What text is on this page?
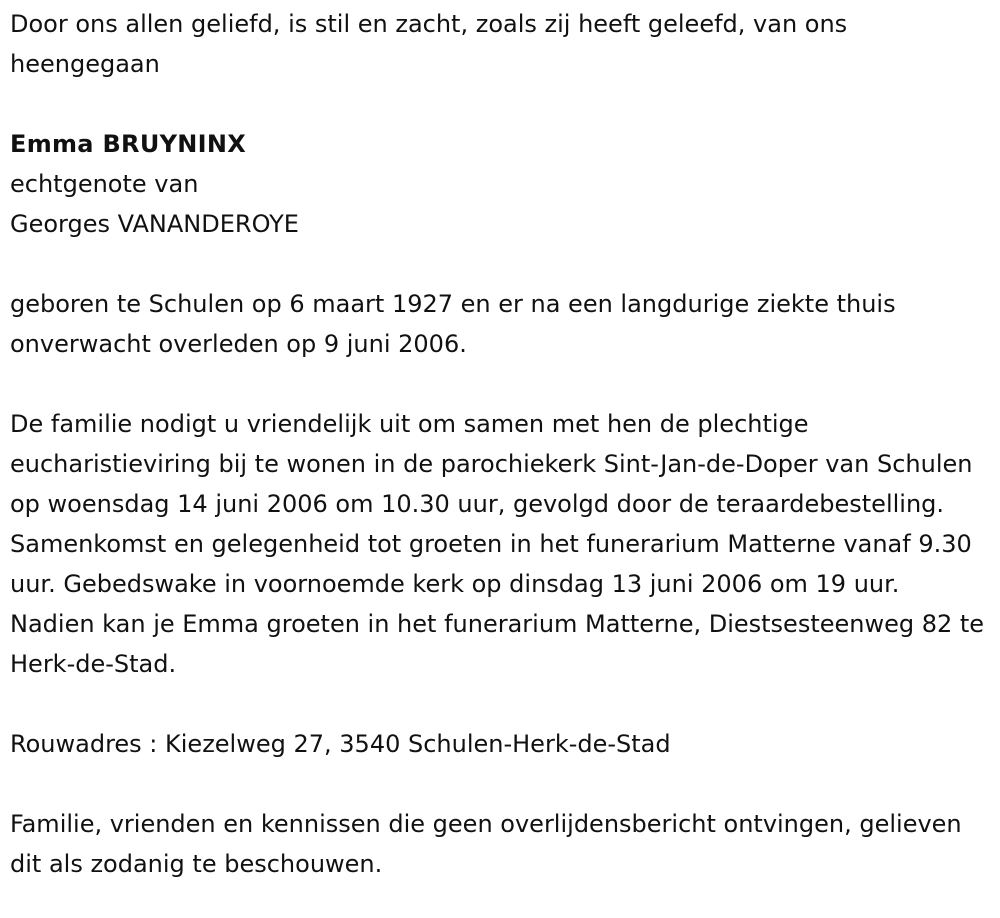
Door ons allen geliefd, is stil en zacht, zoals zij heeft geleefd, van ons heengegaan

Emma BRUYNINX

echtgenote van

Georges VANANDEROYE

geboren te Schulen op 6 maart 1927 en er na een langdurige ziekte thuis onverwacht overleden op 9 juni 2006.

De familie nodigt u vriendelijk uit om samen met hen de plechtige eucharistieviring bij te wonen in de parochiekerk Sint-Jan-de-Doper van Schulen op woensdag 14 juni 2006 om 10.30 uur, gevolgd door de teraardebestelling. Samenkomst en gelegenheid tot groeten in het funerarium Matterne vanaf 9.30 uur. Gebedswake in voornoemde kerk op dinsdag 13 juni 2006 om 19 uur. Nadien kan je Emma groeten in het funerarium Matterne, Diestsesteenweg 82 te Herk-de-Stad.

Rouwadres : Kiezelweg 27, 3540 Schulen-Herk-de-Stad

Familie, vrienden en kennissen die geen overlijdensbericht ontvingen, gelieven dit als zodanig te beschouwen.
